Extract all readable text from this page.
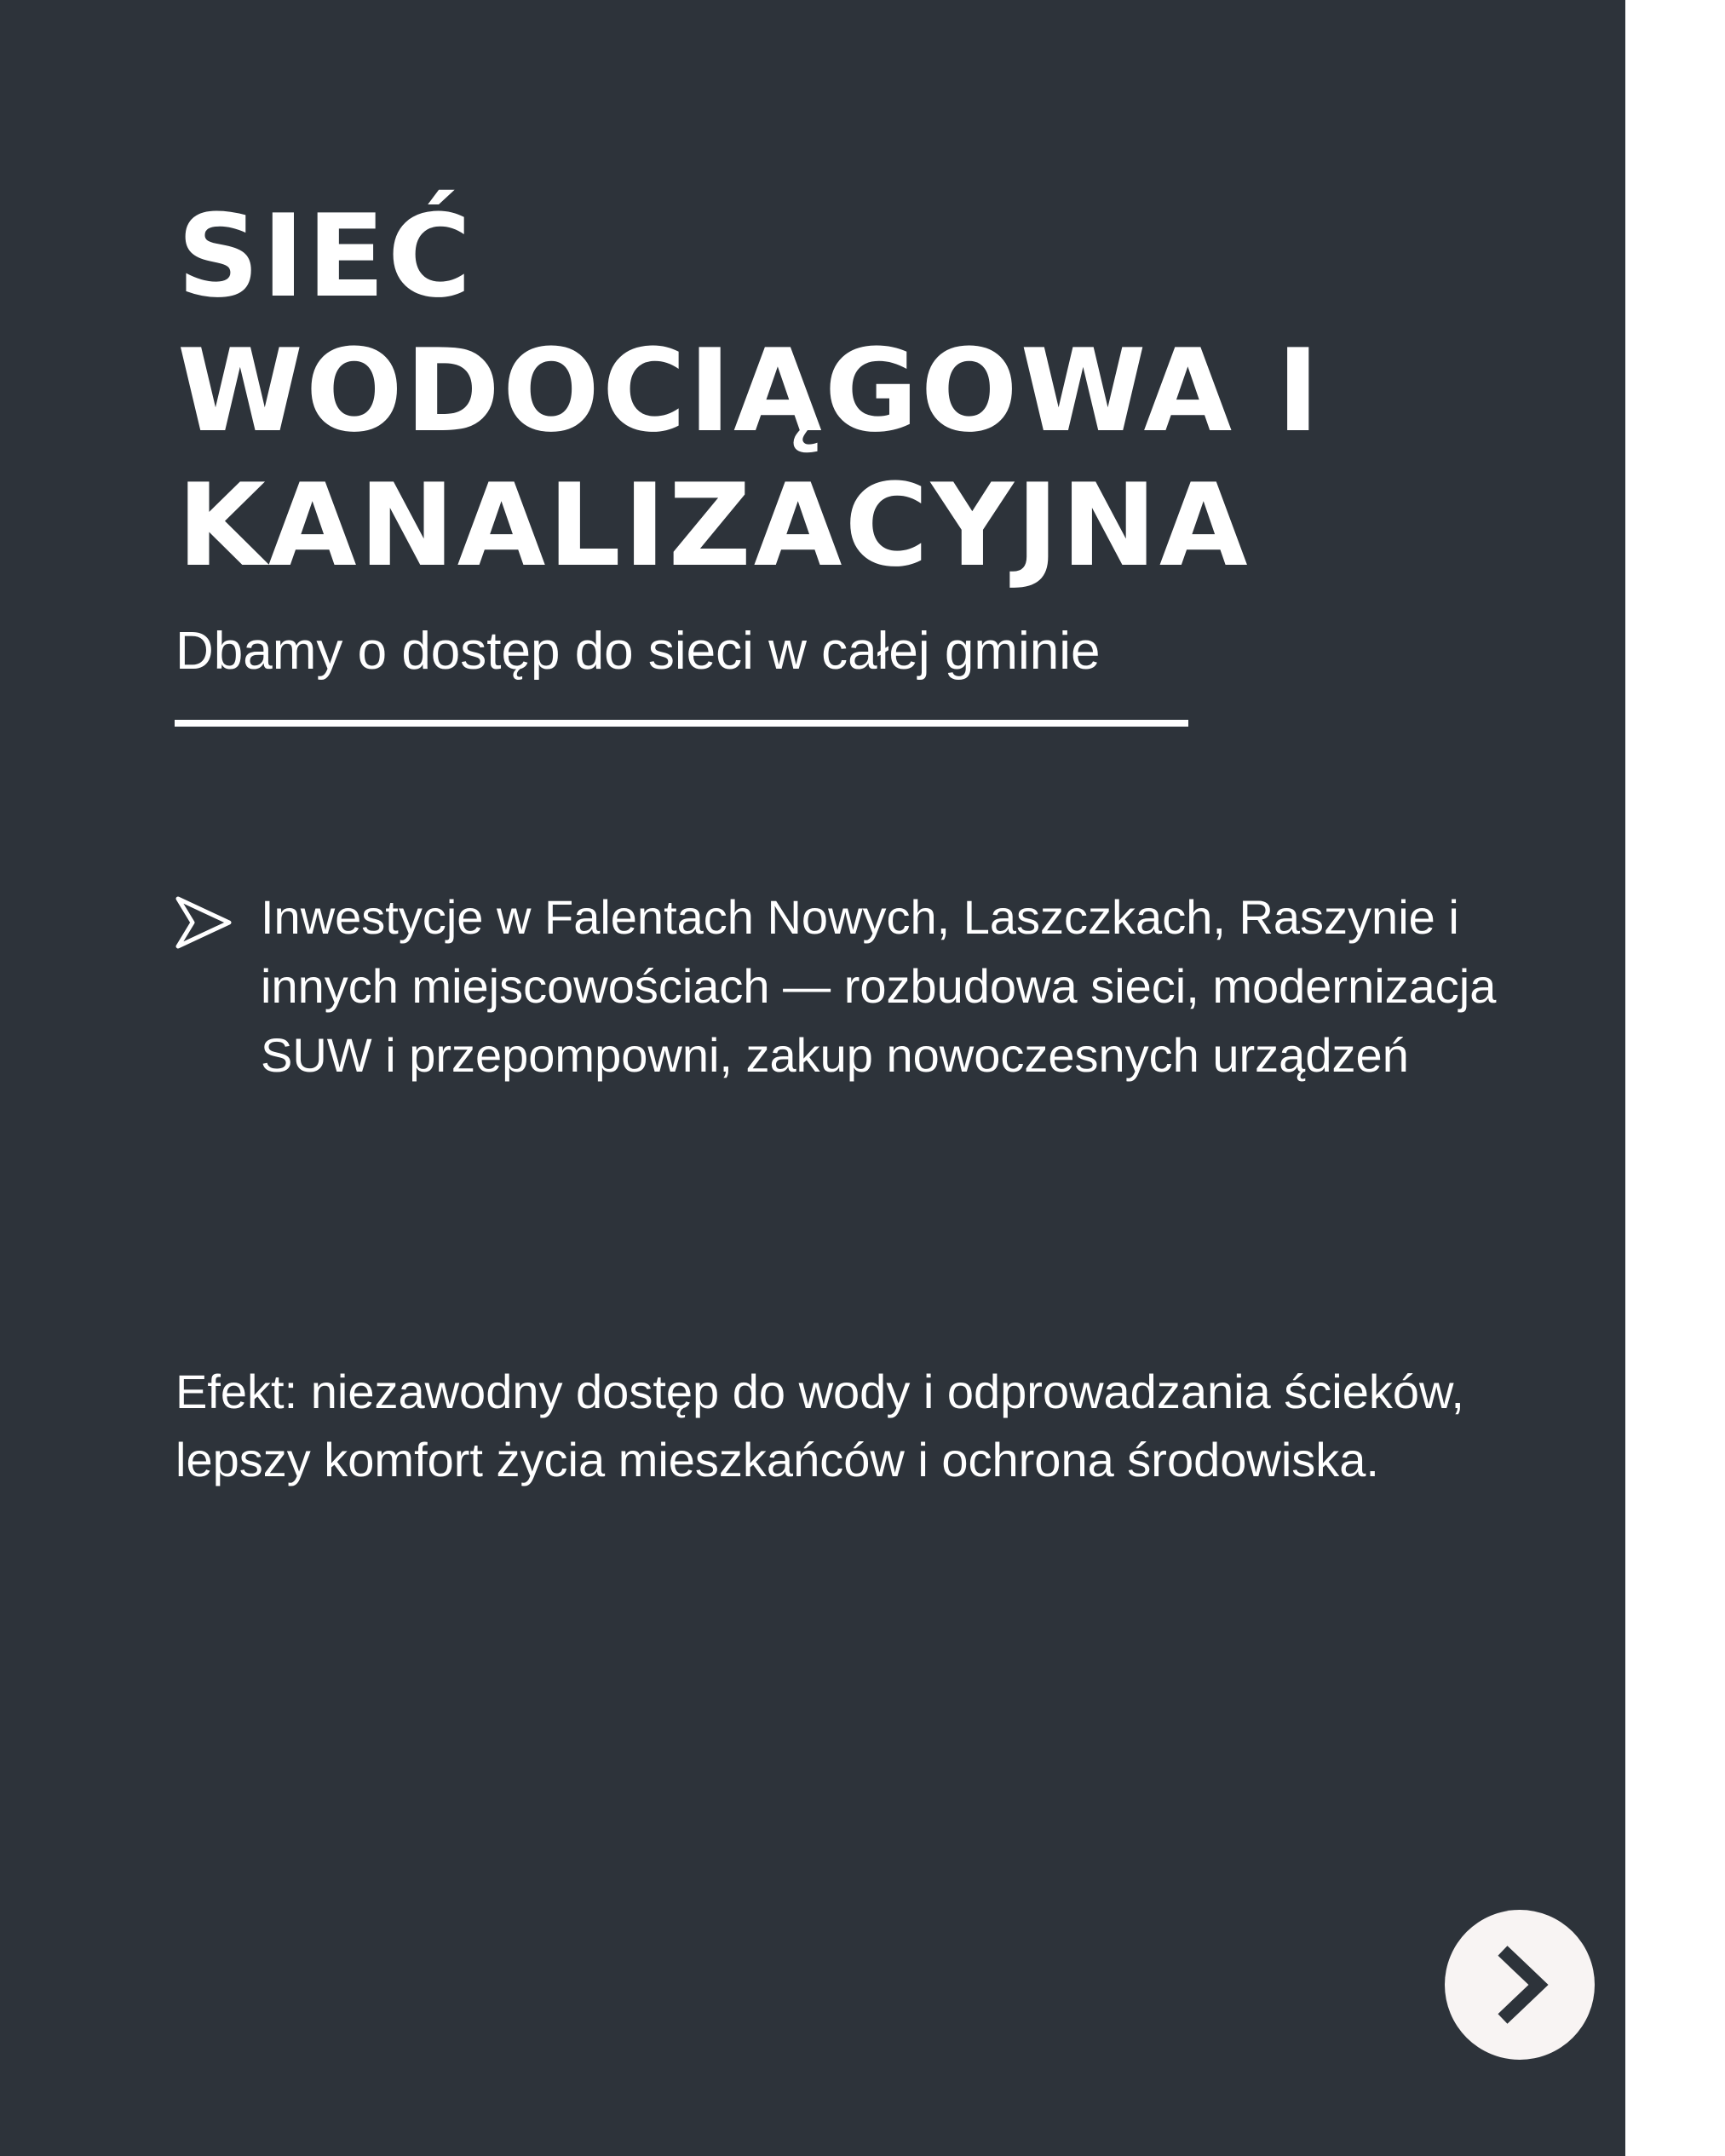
SIEĆ
WODOCIĄGOWA I
KANALIZACYJNA

Dbamy o dostęp do sieci w całej gminie

Inwestycje w Falentach Nowych, Laszczkach, Raszynie i innych miejscowościach — rozbudowa sieci, modernizacja SUW i przepompowni, zakup nowoczesnych urządzeń

Efekt: niezawodny dostęp do wody i odprowadzania ścieków, lepszy komfort życia mieszkańców i ochrona środowiska.
